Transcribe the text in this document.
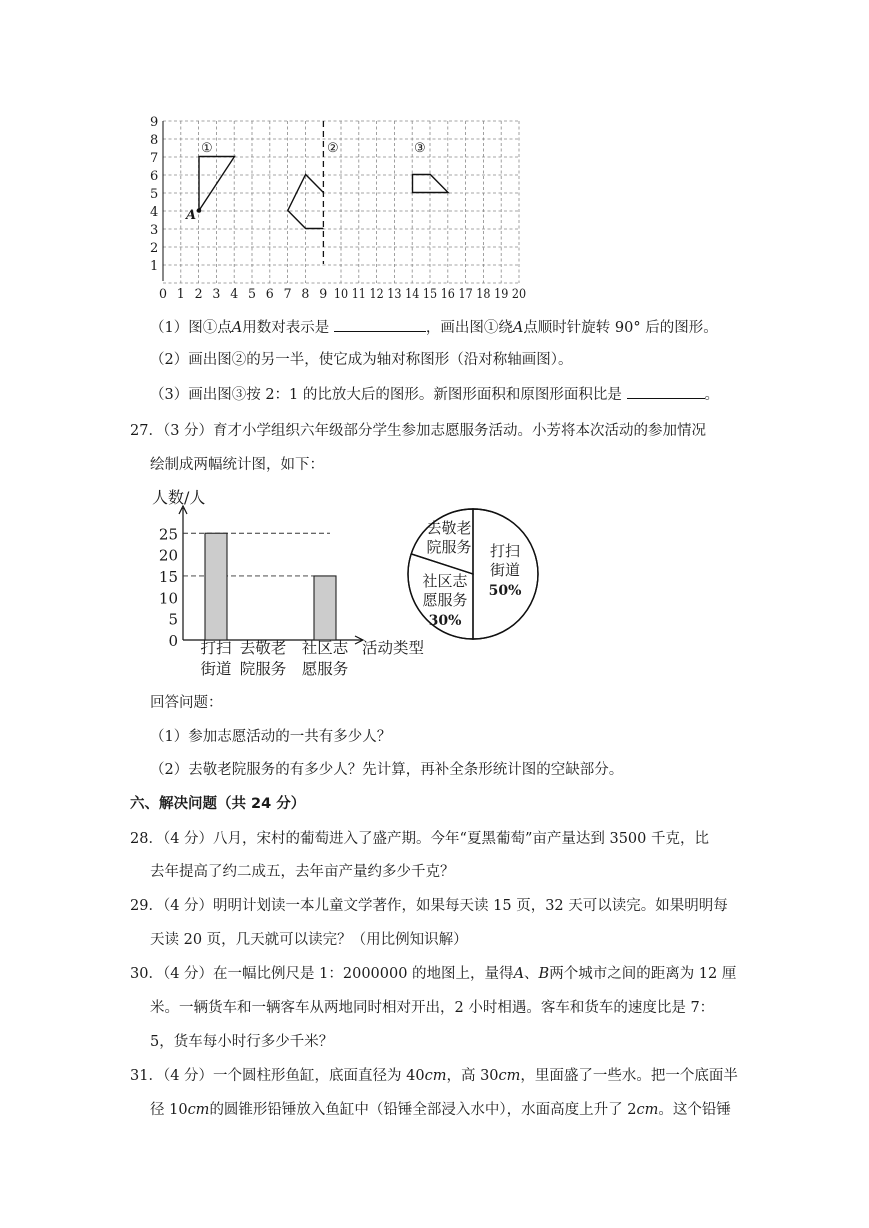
①	②	③
A
9
8
7
6
5
4
3
2
1
0 1 2 3 4 5 6 7 8 9 10 11 12 13 14 15 16 17 18 19 20
（1）图①点A用数对表示是	，画出图①绕A点顺时针旋转 90° 后的图形。
（2）画出图②的另一半，使它成为轴对称图形（沿对称轴画图）。
（3）画出图③按 2：1 的比放大后的图形。新图形面积和原图形面积比是	。
27．（3 分）育才小学组织六年级部分学生参加志愿服务活动。小芳将本次活动的参加情况
绘制成两幅统计图，如下：
人数/人
活动类型
0
5
10
15
20
25
打扫
街道
去敬老
院服务
社区志
愿服务
打扫
街道
50%
社区志
愿服务
30%
去敬老
院服务
回答问题：
（1）参加志愿活动的一共有多少人？
（2）去敬老院服务的有多少人？先计算，再补全条形统计图的空缺部分。
六、解决问题（共 24 分）
28．（4 分）八月，宋村的葡萄进入了盛产期。今年“夏黑葡萄”亩产量达到 3500 千克，比
去年提高了约二成五，去年亩产量约多少千克？
29．（4 分）明明计划读一本儿童文学著作，如果每天读 15 页，32 天可以读完。如果明明每
天读 20 页，几天就可以读完？（用比例知识解）
30．（4 分）在一幅比例尺是 1：2000000 的地图上，量得A、B两个城市之间的距离为 12 厘
米。一辆货车和一辆客车从两地同时相对开出，2 小时相遇。客车和货车的速度比是 7：
5，货车每小时行多少千米？
31．（4 分）一个圆柱形鱼缸，底面直径为 40cm，高 30cm，里面盛了一些水。把一个底面半
径 10cm的圆锥形铅锤放入鱼缸中（铅锤全部浸入水中），水面高度上升了 2cm。这个铅锤
